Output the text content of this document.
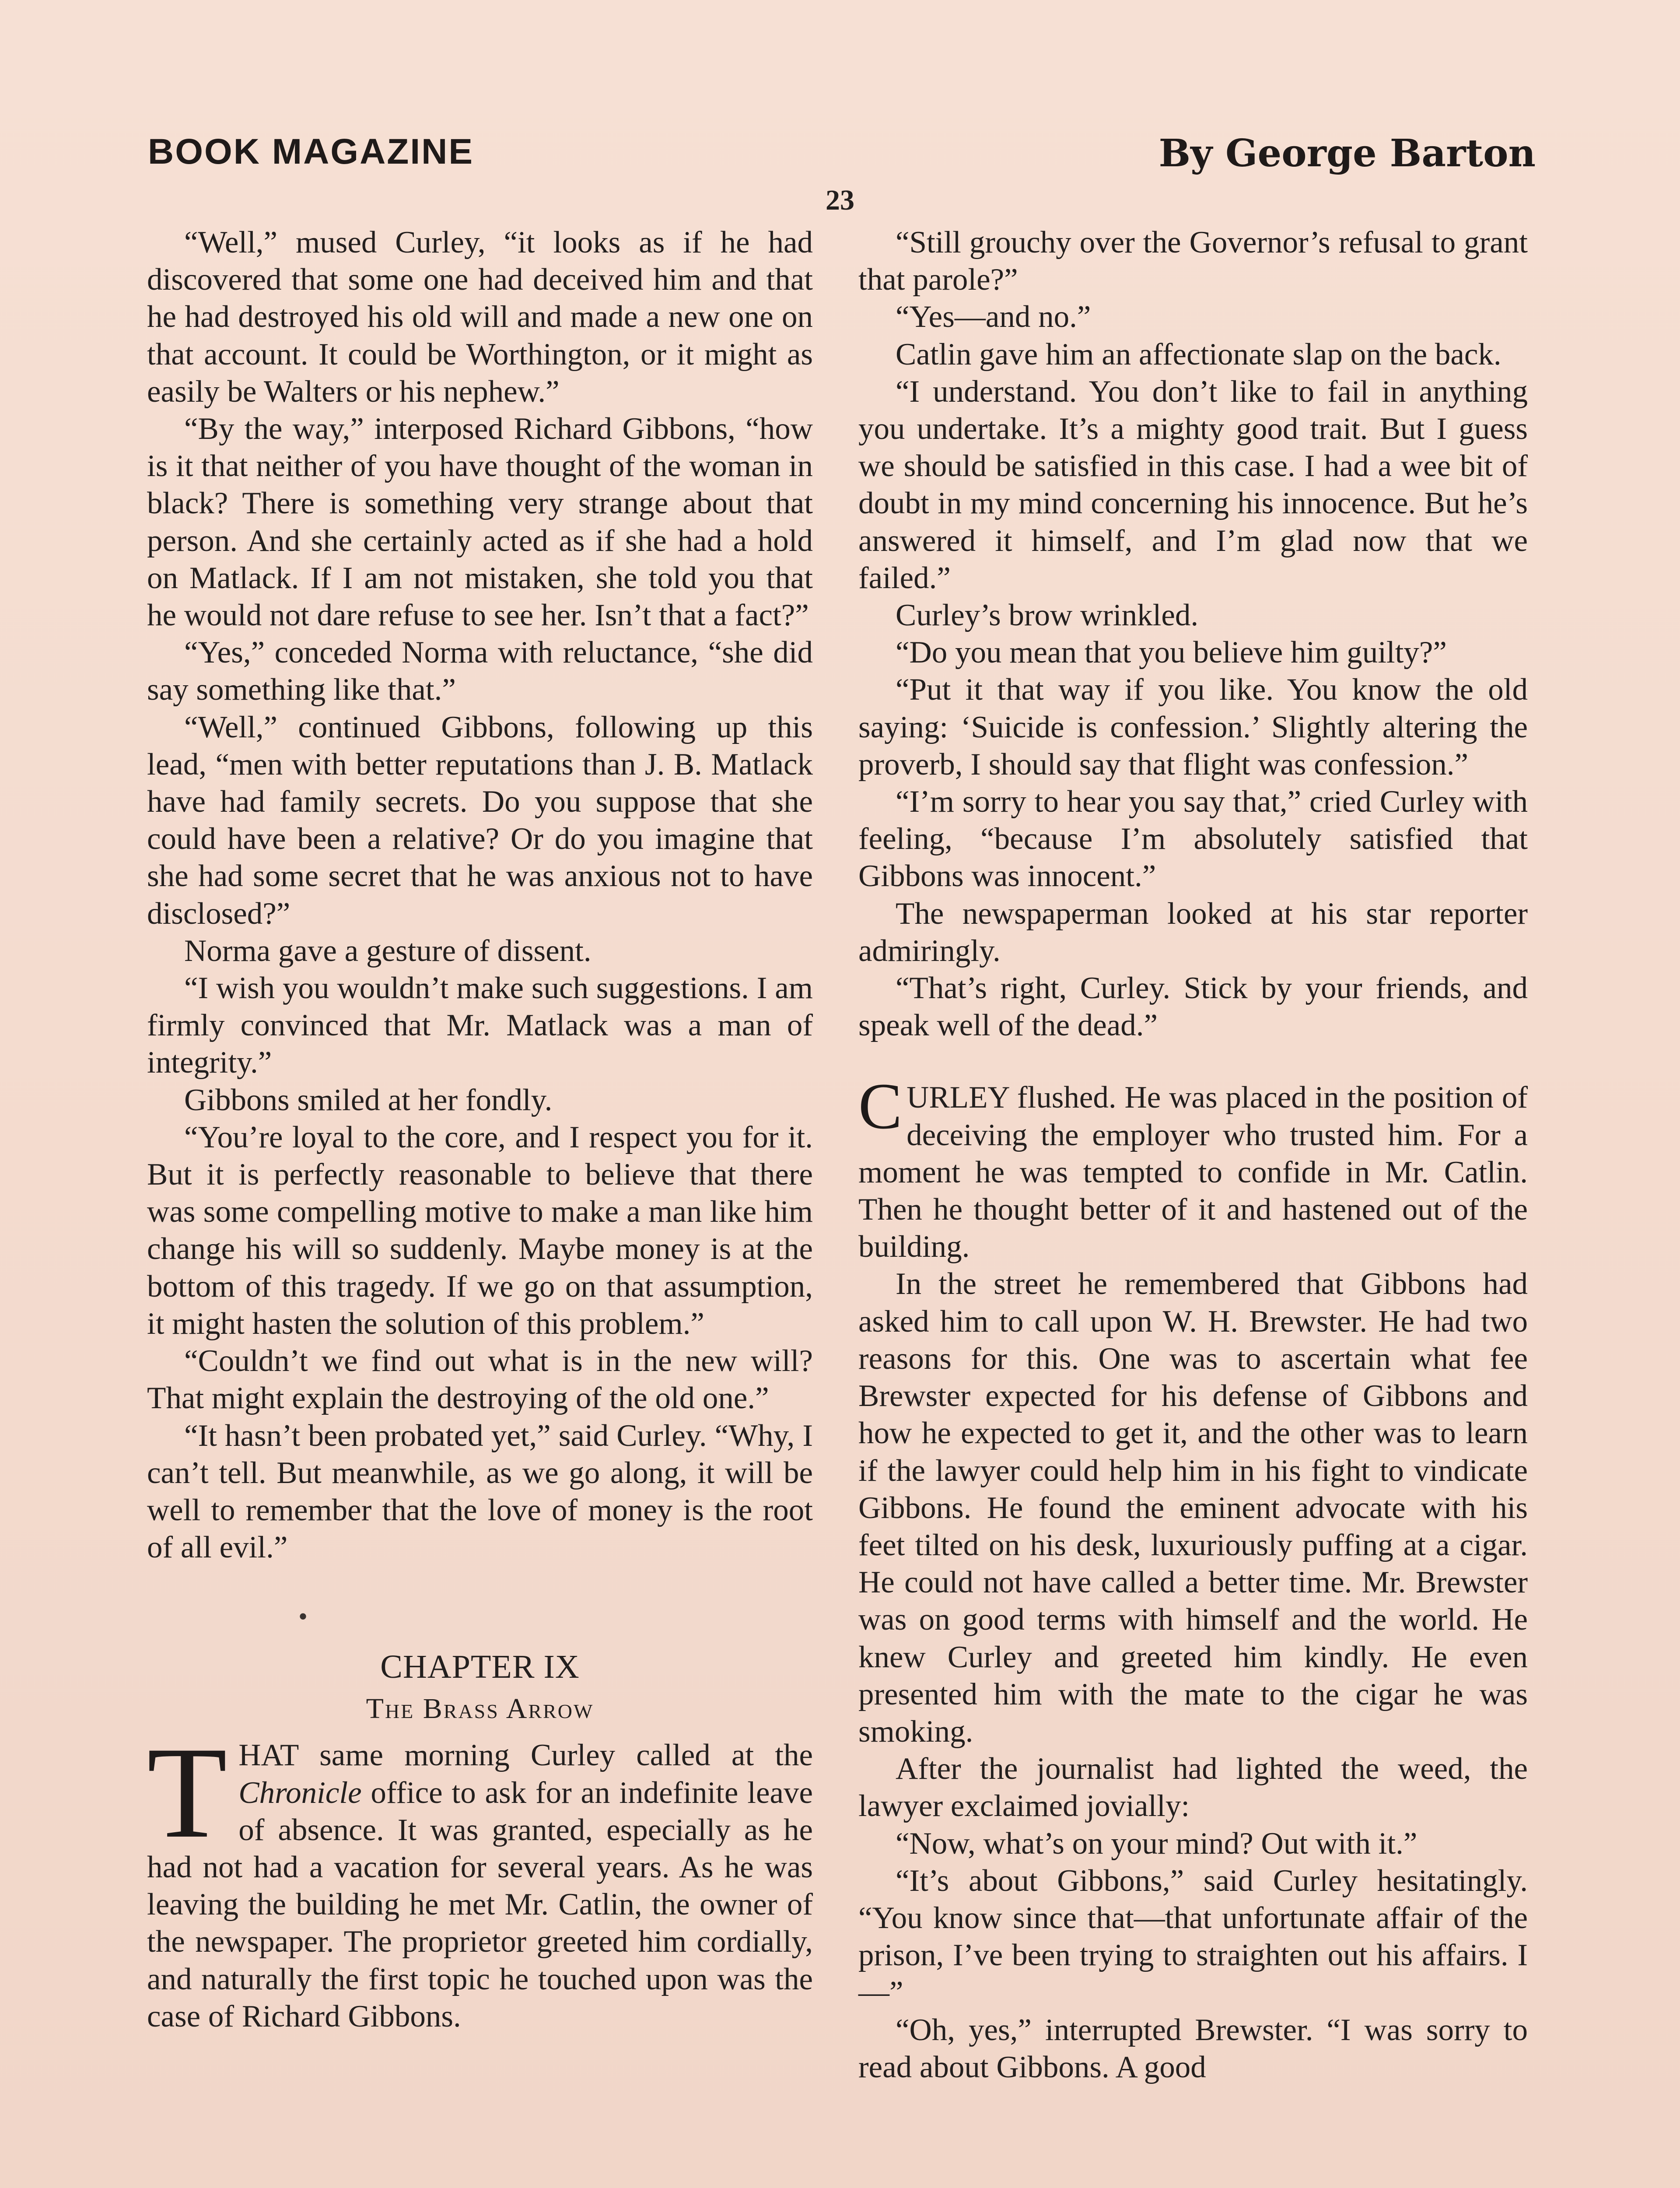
BOOK MAGAZINE	By George Barton
23

“Well,” mused Curley, “it looks as if he had discovered that some one had deceived him and that he had destroyed his old will and made a new one on that account. It could be Worthington, or it might as easily be Walters or his nephew.”

“By the way,” interposed Richard Gibbons, “how is it that neither of you have thought of the woman in black? There is something very strange about that person. And she certainly acted as if she had a hold on Matlack. If I am not mistaken, she told you that he would not dare refuse to see her. Isn’t that a fact?”

“Yes,” conceded Norma with reluctance, “she did say something like that.”

“Well,” continued Gibbons, following up this lead, “men with better reputations than J. B. Matlack have had family secrets. Do you suppose that she could have been a relative? Or do you imagine that she had some secret that he was anxious not to have disclosed?”

Norma gave a gesture of dissent.

“I wish you wouldn’t make such suggestions. I am firmly convinced that Mr. Matlack was a man of integrity.”

Gibbons smiled at her fondly.

“You’re loyal to the core, and I respect you for it. But it is perfectly reasonable to believe that there was some compelling motive to make a man like him change his will so suddenly. Maybe money is at the bottom of this tragedy. If we go on that assumption, it might hasten the solution of this problem.”

“Couldn’t we find out what is in the new will? That might explain the destroying of the old one.”

“It hasn’t been probated yet,” said Curley. “Why, I can’t tell. But meanwhile, as we go along, it will be well to remember that the love of money is the root of all evil.”

•
CHAPTER IX
The Brass Arrow

THAT same morning Curley called at the Chronicle office to ask for an indefinite leave of absence. It was granted, especially as he had not had a vacation for several years. As he was leaving the building he met Mr. Catlin, the owner of the newspaper. The proprietor greeted him cordially, and naturally the first topic he touched upon was the case of Richard Gibbons.

“Still grouchy over the Governor’s refusal to grant that parole?”

“Yes—and no.”

Catlin gave him an affectionate slap on the back.

“I understand. You don’t like to fail in anything you undertake. It’s a mighty good trait. But I guess we should be satisfied in this case. I had a wee bit of doubt in my mind concerning his innocence. But he’s answered it himself, and I’m glad now that we failed.”

Curley’s brow wrinkled.

“Do you mean that you believe him guilty?”

“Put it that way if you like. You know the old saying: ‘Suicide is confession.’ Slightly altering the proverb, I should say that flight was confession.”

“I’m sorry to hear you say that,” cried Curley with feeling, “because I’m absolutely satisfied that Gibbons was innocent.”

The newspaperman looked at his star reporter admiringly.

“That’s right, Curley. Stick by your friends, and speak well of the dead.”

CURLEY flushed. He was placed in the position of deceiving the employer who trusted him. For a moment he was tempted to confide in Mr. Catlin. Then he thought better of it and hastened out of the building.

In the street he remembered that Gibbons had asked him to call upon W. H. Brewster. He had two reasons for this. One was to ascertain what fee Brewster expected for his defense of Gibbons and how he expected to get it, and the other was to learn if the lawyer could help him in his fight to vindicate Gibbons. He found the eminent advocate with his feet tilted on his desk, luxuriously puffing at a cigar. He could not have called a better time. Mr. Brewster was on good terms with himself and the world. He knew Curley and greeted him kindly. He even presented him with the mate to the cigar he was smoking.

After the journalist had lighted the weed, the lawyer exclaimed jovially:

“Now, what’s on your mind? Out with it.”

“It’s about Gibbons,” said Curley hesitatingly. “You know since that—that unfortunate affair of the prison, I’ve been trying to straighten out his affairs. I—”

“Oh, yes,” interrupted Brewster. “I was sorry to read about Gibbons. A good
